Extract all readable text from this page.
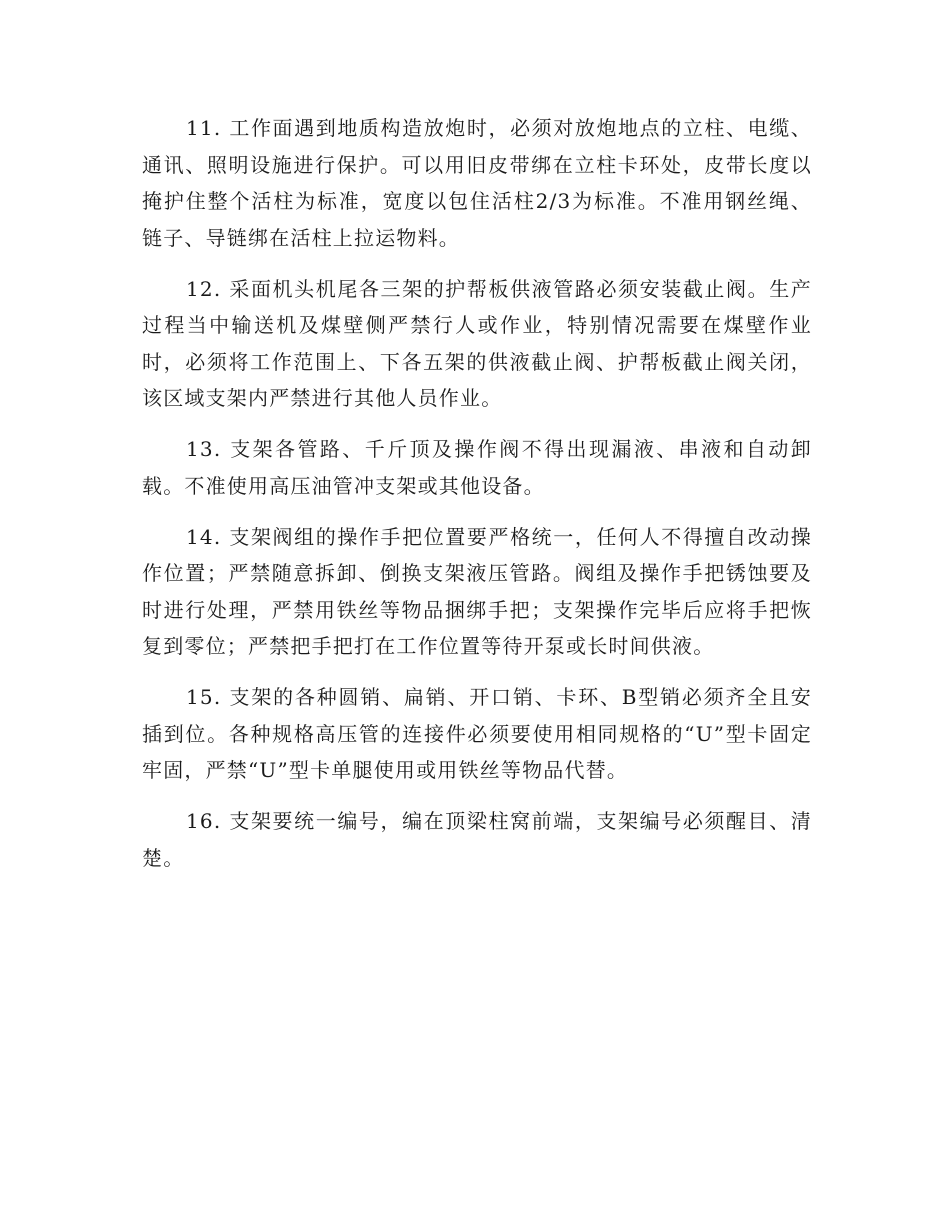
11. 工作面遇到地质构造放炮时，必须对放炮地点的立柱、电缆、通讯、照明设施进行保护。可以用旧皮带绑在立柱卡环处，皮带长度以掩护住整个活柱为标准，宽度以包住活柱2/3为标准。不准用钢丝绳、链子、导链绑在活柱上拉运物料。

12. 采面机头机尾各三架的护帮板供液管路必须安装截止阀。生产过程当中输送机及煤壁侧严禁行人或作业，特别情况需要在煤壁作业时，必须将工作范围上、下各五架的供液截止阀、护帮板截止阀关闭，该区域支架内严禁进行其他人员作业。

13. 支架各管路、千斤顶及操作阀不得出现漏液、串液和自动卸载。不准使用高压油管冲支架或其他设备。

14. 支架阀组的操作手把位置要严格统一，任何人不得擅自改动操作位置；严禁随意拆卸、倒换支架液压管路。阀组及操作手把锈蚀要及时进行处理，严禁用铁丝等物品捆绑手把；支架操作完毕后应将手把恢复到零位；严禁把手把打在工作位置等待开泵或长时间供液。

15. 支架的各种圆销、扁销、开口销、卡环、B型销必须齐全且安插到位。各种规格高压管的连接件必须要使用相同规格的“U”型卡固定牢固，严禁“U”型卡单腿使用或用铁丝等物品代替。

16. 支架要统一编号，编在顶梁柱窝前端，支架编号必须醒目、清楚。
